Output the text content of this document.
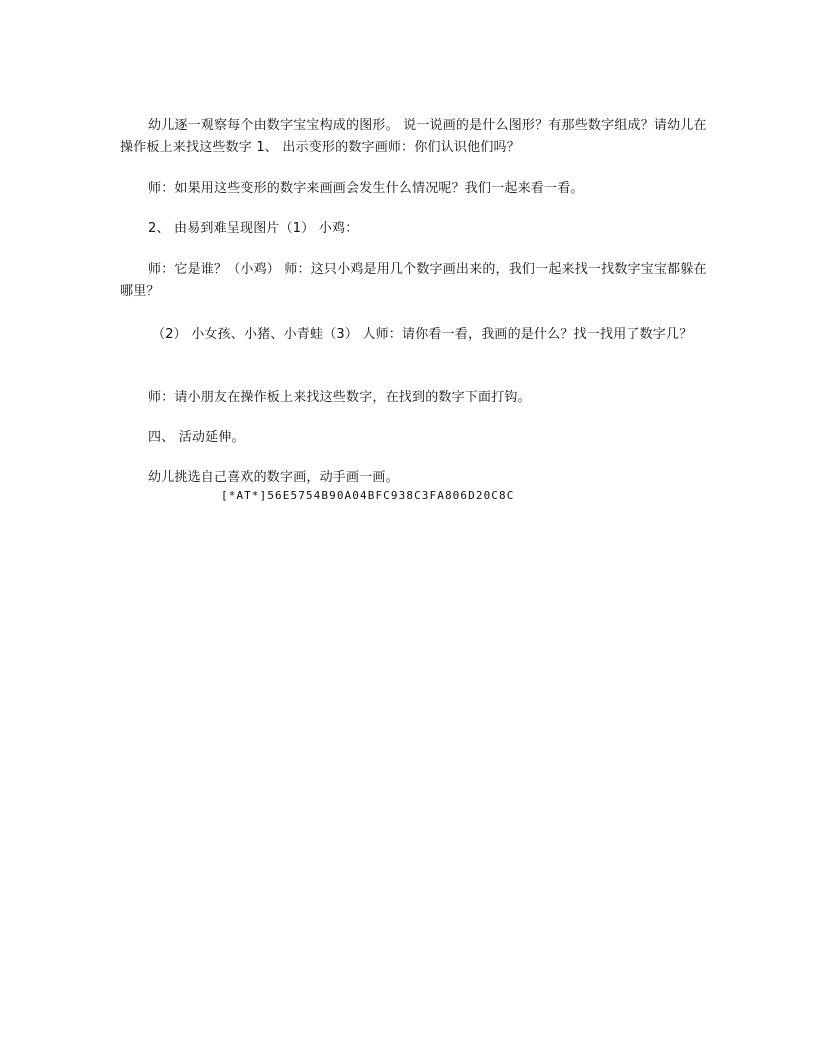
幼儿逐一观察每个由数字宝宝构成的图形。 说一说画的是什么图形？有那些数字组成？请幼儿在操作板上来找这些数字 1、 出示变形的数字画师：你们认识他们吗？
师：如果用这些变形的数字来画画会发生什么情况呢？我们一起来看一看。
2、 由易到难呈现图片（1） 小鸡：
师：它是谁？（小鸡） 师：这只小鸡是用几个数字画出来的，我们一起来找一找数字宝宝都躲在哪里？
（2） 小女孩、小猪、小青蛙（3） 人师：请你看一看，我画的是什么？找一找用了数字几？
师：请小朋友在操作板上来找这些数字，在找到的数字下面打钩。
四、 活动延伸。
幼儿挑选自己喜欢的数字画，动手画一画。
[*AT*]56E5754B90A04BFC938C3FA806D20C8C
